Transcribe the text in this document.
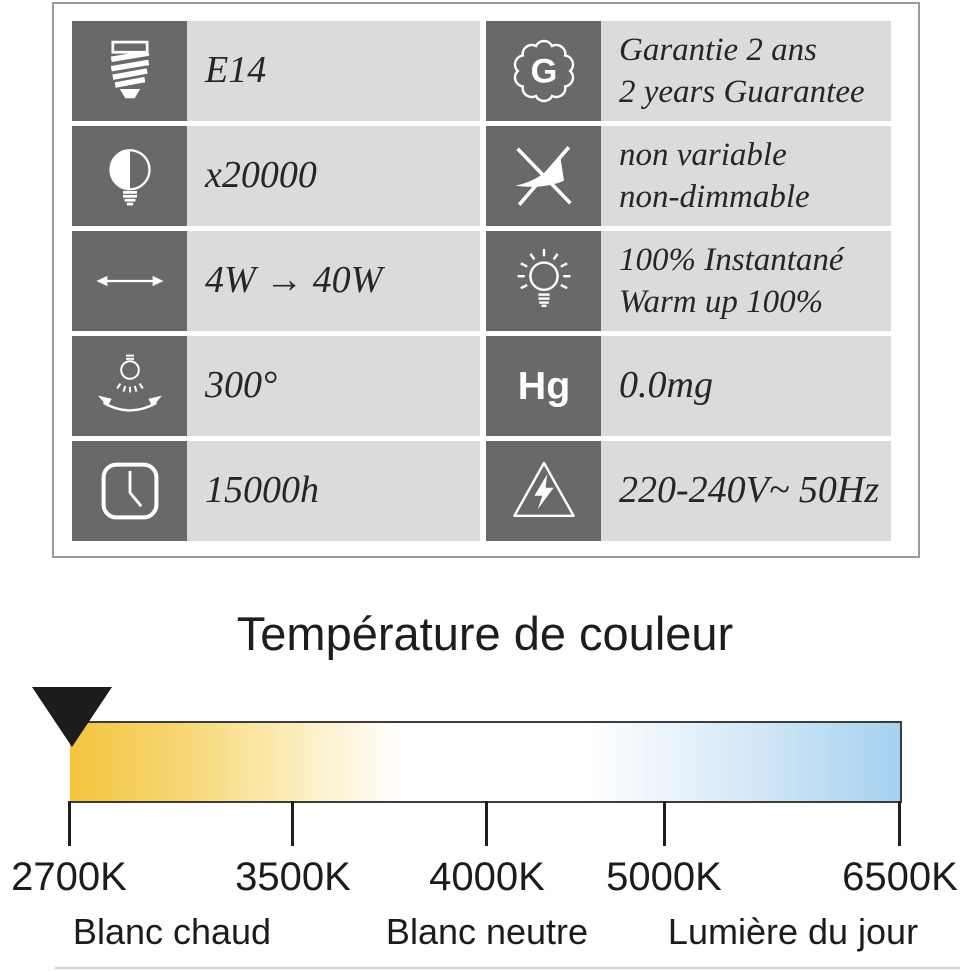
E14	G
Garantie 2 ans
2 years Guarantee
x20000	non variable
non-dimmable
4W → 40W	100% Instantané
Warm up 100%
300°	Hg 0.0mg
15000h	220-240V~ 50Hz
Température de couleur
2700K	3500K 4000K 5000K	6500K
Blanc chaud	Blanc neutre Lumière du jour
